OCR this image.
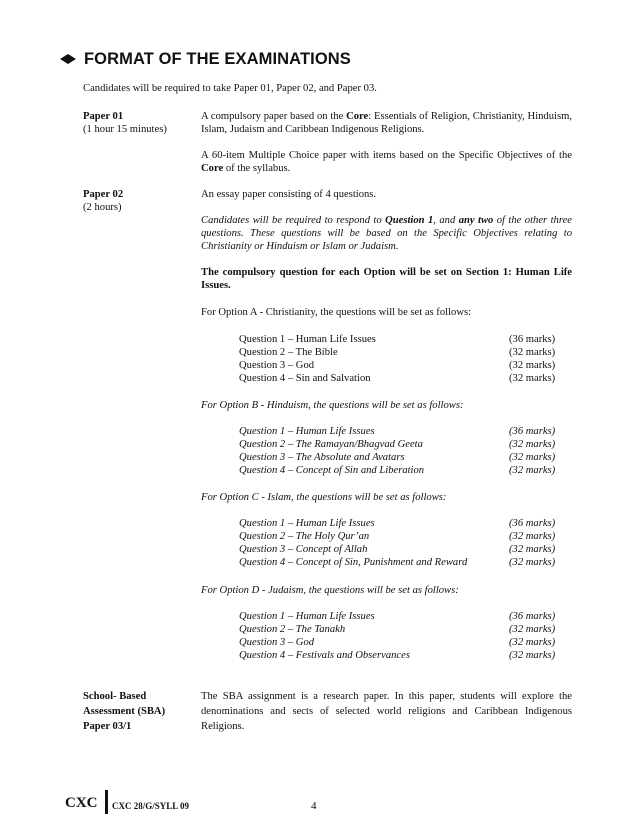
FORMAT OF THE EXAMINATIONS
Candidates will be required to take Paper 01, Paper 02, and Paper 03.
Paper 01
(1 hour 15 minutes)
A compulsory paper based on the Core: Essentials of Religion, Christianity, Hinduism, Islam, Judaism and Caribbean Indigenous Religions.
A 60-item Multiple Choice paper with items based on the Specific Objectives of the Core of the syllabus.
Paper 02
(2 hours)
An essay paper consisting of 4 questions.
Candidates will be required to respond to Question 1, and any two of the other three questions. These questions will be based on the Specific Objectives relating to Christianity or Hinduism or Islam or Judaism.
The compulsory question for each Option will be set on Section 1: Human Life Issues.
For Option A - Christianity, the questions will be set as follows:
Question 1 – Human Life Issues	(36 marks)
Question 2 – The Bible	(32 marks)
Question 3 – God	(32 marks)
Question 4 – Sin and Salvation	(32 marks)
For Option B - Hinduism, the questions will be set as follows:
Question 1 – Human Life Issues	(36 marks)
Question 2 – The Ramayan/Bhagvad Geeta	(32 marks)
Question 3 – The Absolute and Avatars	(32 marks)
Question 4 – Concept of Sin and Liberation	(32 marks)
For Option C - Islam, the questions will be set as follows:
Question 1 – Human Life Issues	(36 marks)
Question 2 – The Holy Qur’an	(32 marks)
Question 3 – Concept of Allah	(32 marks)
Question 4 – Concept of Sin, Punishment and Reward	(32 marks)
For Option D - Judaism, the questions will be set as follows:
Question 1 – Human Life Issues	(36 marks)
Question 2 – The Tanakh	(32 marks)
Question 3 – God	(32 marks)
Question 4 – Festivals and Observances	(32 marks)
School- Based
Assessment (SBA)
Paper 03/1
The SBA assignment is a research paper. In this paper, students will explore the denominations and sects of selected world religions and Caribbean Indigenous Religions.
CXC CXC 28/G/SYLL 09	4
